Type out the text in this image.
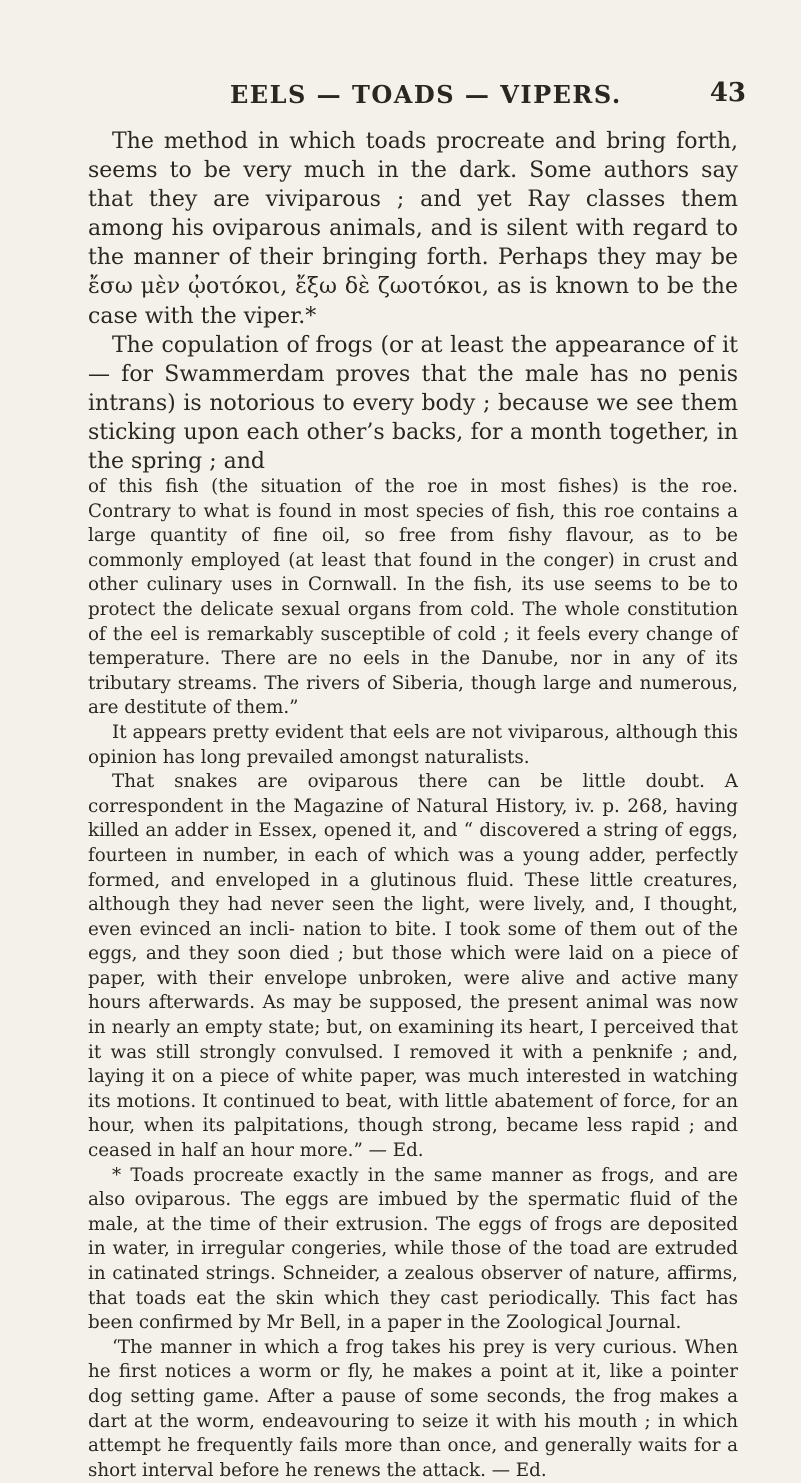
EELS — TOADS — VIPERS.	43

The method in which toads procreate and bring forth, seems to be very much in the dark. Some authors say that they are viviparous ; and yet Ray classes them among his oviparous animals, and is silent with regard to the manner of their bringing forth. Perhaps they may be ἔσω μὲν ᾠοτόκοι, ἔξω δὲ ζωοτόκοι, as is known to be the case with the viper.*

The copulation of frogs (or at least the appearance of it — for Swammerdam proves that the male has no penis intrans) is notorious to every body ; because we see them sticking upon each other’s backs, for a month together, in the spring ; and

of this fish (the situation of the roe in most fishes) is the roe. Contrary to what is found in most species of fish, this roe contains a large quantity of fine oil, so free from fishy flavour, as to be commonly employed (at least that found in the conger) in crust and other culinary uses in Cornwall. In the fish, its use seems to be to protect the delicate sexual organs from cold. The whole constitution of the eel is remarkably susceptible of cold ; it feels every change of temperature. There are no eels in the Danube, nor in any of its tributary streams. The rivers of Siberia, though large and numerous, are destitute of them.”

It appears pretty evident that eels are not viviparous, although this opinion has long prevailed amongst naturalists.

That snakes are oviparous there can be little doubt. A correspondent in the Magazine of Natural History, iv. p. 268, having killed an adder in Essex, opened it, and “ discovered a string of eggs, fourteen in number, in each of which was a young adder, perfectly formed, and enveloped in a glutinous fluid. These little creatures, although they had never seen the light, were lively, and, I thought, even evinced an incli- nation to bite. I took some of them out of the eggs, and they soon died ; but those which were laid on a piece of paper, with their envelope unbroken, were alive and active many hours afterwards. As may be supposed, the present animal was now in nearly an empty state; but, on examining its heart, I perceived that it was still strongly convulsed. I removed it with a penknife ; and, laying it on a piece of white paper, was much interested in watching its motions. It continued to beat, with little abatement of force, for an hour, when its palpitations, though strong, became less rapid ; and ceased in half an hour more.” — Ed.

* Toads procreate exactly in the same manner as frogs, and are also oviparous. The eggs are imbued by the spermatic fluid of the male, at the time of their extrusion. The eggs of frogs are deposited in water, in irregular congeries, while those of the toad are extruded in catinated strings. Schneider, a zealous observer of nature, affirms, that toads eat the skin which they cast periodically. This fact has been confirmed by Mr Bell, in a paper in the Zoological Journal.

‘The manner in which a frog takes his prey is very curious. When he first notices a worm or fly, he makes a point at it, like a pointer dog setting game. After a pause of some seconds, the frog makes a dart at the worm, endeavouring to seize it with his mouth ; in which attempt he frequently fails more than once, and generally waits for a short interval before he renews the attack. — Ed.
